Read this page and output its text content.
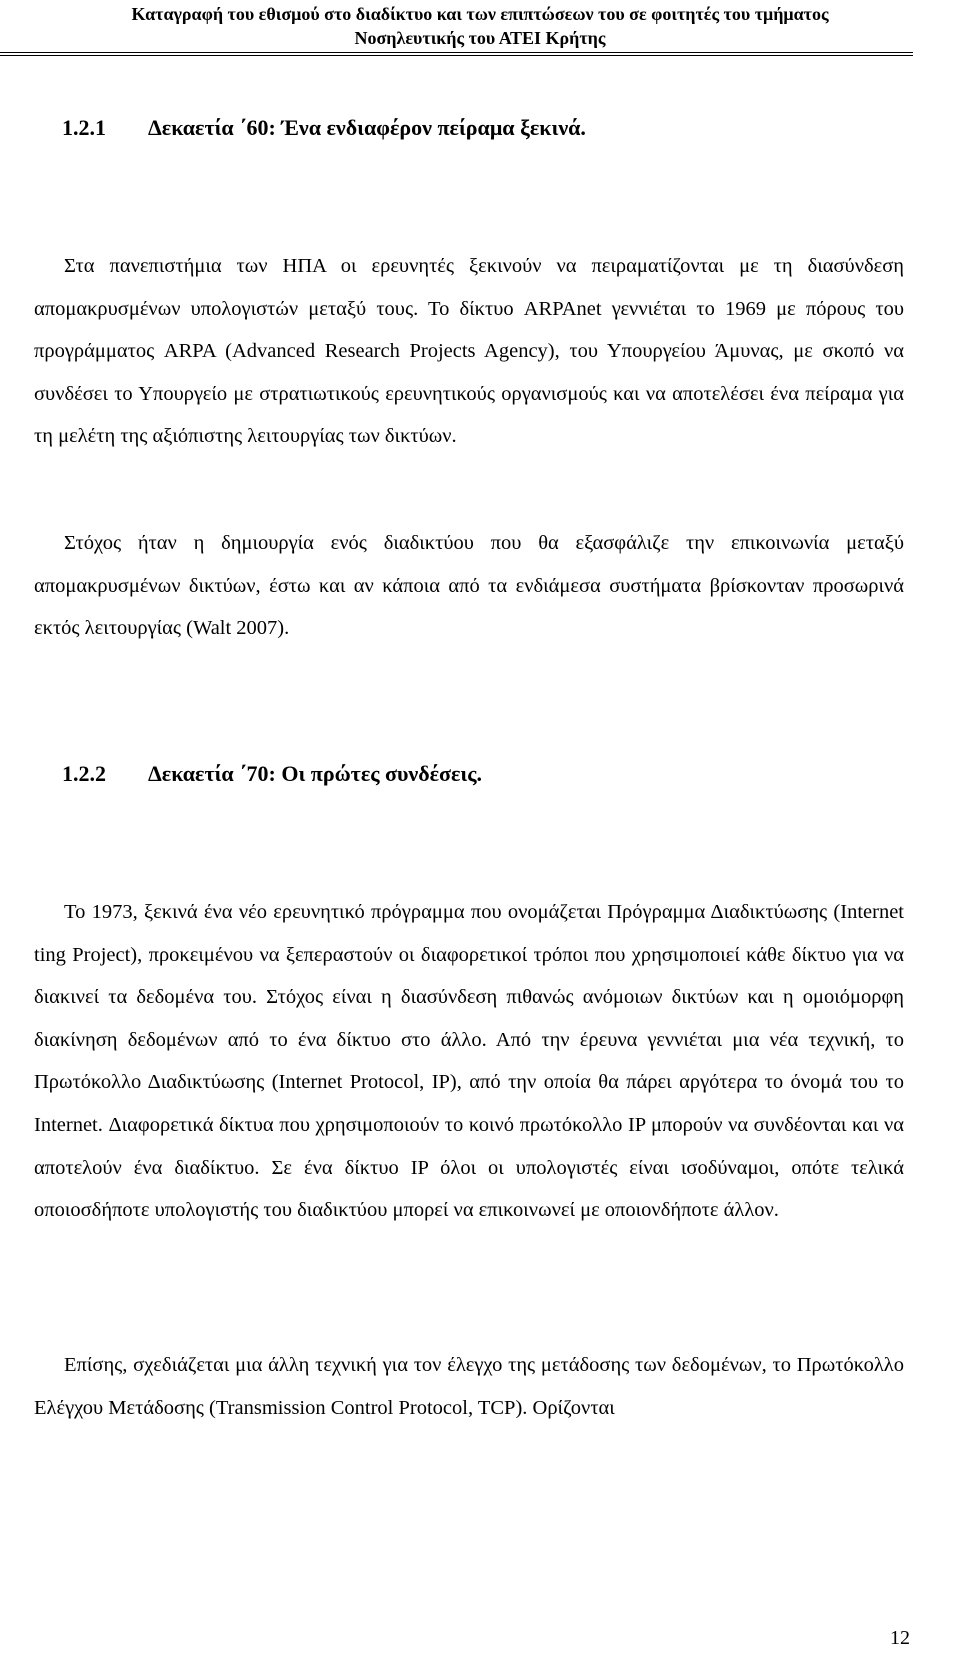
Καταγραφή του εθισμού στο διαδίκτυο και των επιπτώσεων του σε φοιτητές του τμήματος
Νοσηλευτικής του ΑΤΕΙ Κρήτης
1.2.1 Δεκαετία ΄60: Ένα ενδιαφέρον πείραμα ξεκινά.
Στα πανεπιστήμια των ΗΠΑ οι ερευνητές ξεκινούν να πειραματίζονται με τη διασύνδεση απομακρυσμένων υπολογιστών μεταξύ τους. Το δίκτυο ARPAnet γεννιέται το 1969 με πόρους του προγράμματος ARPA (Advanced Research Projects Agency), του Υπουργείου Άμυνας, με σκοπό να συνδέσει το Υπουργείο με στρατιωτικούς ερευνητικούς οργανισμούς και να αποτελέσει ένα πείραμα για τη μελέτη της αξιόπιστης λειτουργίας των δικτύων.
Στόχος ήταν η δημιουργία ενός διαδικτύου που θα εξασφάλιζε την επικοινωνία μεταξύ απομακρυσμένων δικτύων, έστω και αν κάποια από τα ενδιάμεσα συστήματα βρίσκονταν προσωρινά εκτός λειτουργίας (Walt 2007).
1.2.2 Δεκαετία ΄70: Οι πρώτες συνδέσεις.
Το 1973, ξεκινά ένα νέο ερευνητικό πρόγραμμα που ονομάζεται Πρόγραμμα Διαδικτύωσης (Internet ting Project), προκειμένου να ξεπεραστούν οι διαφορετικοί τρόποι που χρησιμοποιεί κάθε δίκτυο για να διακινεί τα δεδομένα του. Στόχος είναι η διασύνδεση πιθανώς ανόμοιων δικτύων και η ομοιόμορφη διακίνηση δεδομένων από το ένα δίκτυο στο άλλο. Από την έρευνα γεννιέται μια νέα τεχνική, το Πρωτόκολλο Διαδικτύωσης (Internet Protocol, IP), από την οποία θα πάρει αργότερα το όνομά του το Internet. Διαφορετικά δίκτυα που χρησιμοποιούν το κοινό πρωτόκολλο IP μπορούν να συνδέονται και να αποτελούν ένα διαδίκτυο. Σε ένα δίκτυο IP όλοι οι υπολογιστές είναι ισοδύναμοι, οπότε τελικά οποιοσδήποτε υπολογιστής του διαδικτύου μπορεί να επικοινωνεί με οποιονδήποτε άλλον.
Επίσης, σχεδιάζεται μια άλλη τεχνική για τον έλεγχο της μετάδοσης των δεδομένων, το Πρωτόκολλο Ελέγχου Μετάδοσης (Transmission Control Protocol, TCP). Ορίζονται
12
